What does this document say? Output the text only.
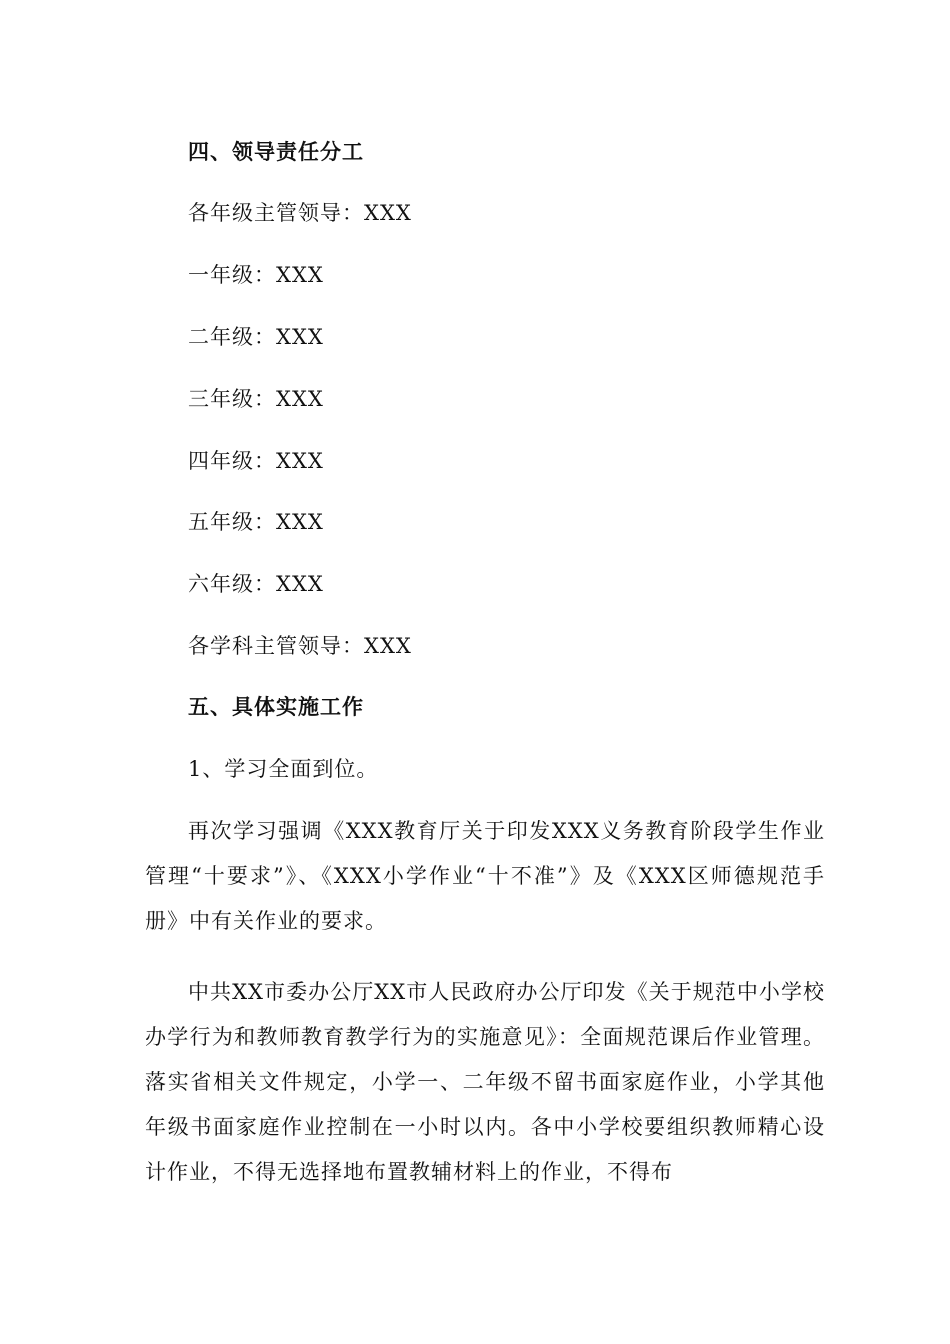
四、领导责任分工
各年级主管领导：XXX
一年级：XXX
二年级：XXX
三年级：XXX
四年级：XXX
五年级：XXX
六年级：XXX
各学科主管领导：XXX
五、具体实施工作
1、学习全面到位。
再次学习强调《XXX教育厅关于印发XXX义务教育阶段学生作业管理“十要求”》、《XXX小学作业“十不准”》及《XXX区师德规范手册》中有关作业的要求。
中共XX市委办公厅XX市人民政府办公厅印发《关于规范中小学校办学行为和教师教育教学行为的实施意见》：全面规范课后作业管理。落实省相关文件规定，小学一、二年级不留书面家庭作业，小学其他年级书面家庭作业控制在一小时以内。各中小学校要组织教师精心设计作业，不得无选择地布置教辅材料上的作业，不得布
